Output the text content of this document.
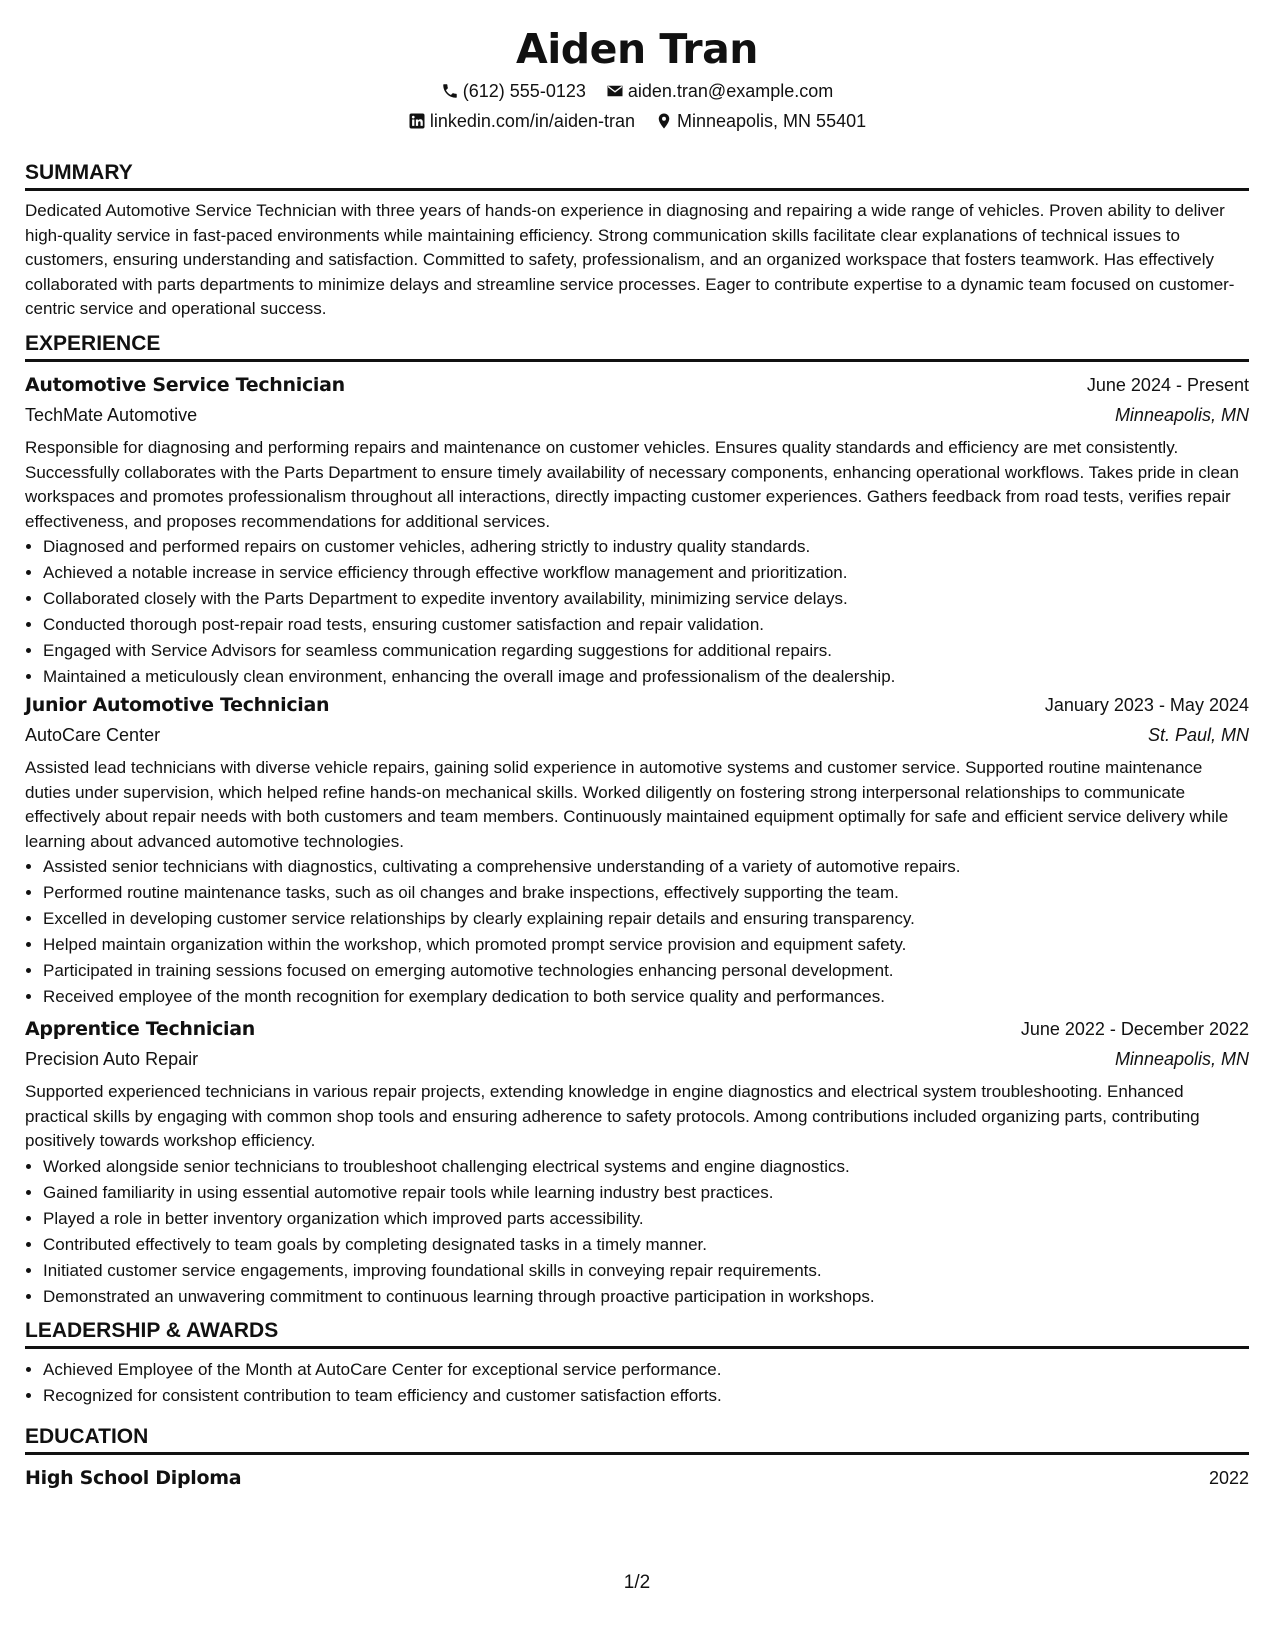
Aiden Tran
(612) 555-0123 aiden.tran@example.com
linkedin.com/in/aiden-tran Minneapolis, MN 55401
SUMMARY

Dedicated Automotive Service Technician with three years of hands-on experience in diagnosing and repairing a wide range of vehicles. Proven ability to deliver high-quality service in fast-paced environments while maintaining efficiency. Strong communication skills facilitate clear explanations of technical issues to customers, ensuring understanding and satisfaction. Committed to safety, professionalism, and an organized workspace that fosters teamwork. Has effectively collaborated with parts departments to minimize delays and streamline service processes. Eager to contribute expertise to a dynamic team focused on customer-centric service and operational success.

EXPERIENCE
Automotive Service Technician	June 2024 - Present
TechMate Automotive	Minneapolis, MN

Responsible for diagnosing and performing repairs and maintenance on customer vehicles. Ensures quality standards and efficiency are met consistently. Successfully collaborates with the Parts Department to ensure timely availability of necessary components, enhancing operational workflows. Takes pride in clean workspaces and promotes professionalism throughout all interactions, directly impacting customer experiences. Gathers feedback from road tests, verifies repair effectiveness, and proposes recommendations for additional services.

• Diagnosed and performed repairs on customer vehicles, adhering strictly to industry quality standards.
• Achieved a notable increase in service efficiency through effective workflow management and prioritization.
• Collaborated closely with the Parts Department to expedite inventory availability, minimizing service delays.
• Conducted thorough post-repair road tests, ensuring customer satisfaction and repair validation.
• Engaged with Service Advisors for seamless communication regarding suggestions for additional repairs.
• Maintained a meticulously clean environment, enhancing the overall image and professionalism of the dealership.
Junior Automotive Technician	January 2023 - May 2024
AutoCare Center	St. Paul, MN

Assisted lead technicians with diverse vehicle repairs, gaining solid experience in automotive systems and customer service. Supported routine maintenance duties under supervision, which helped refine hands-on mechanical skills. Worked diligently on fostering strong interpersonal relationships to communicate effectively about repair needs with both customers and team members. Continuously maintained equipment optimally for safe and efficient service delivery while learning about advanced automotive technologies.

• Assisted senior technicians with diagnostics, cultivating a comprehensive understanding of a variety of automotive repairs.
• Performed routine maintenance tasks, such as oil changes and brake inspections, effectively supporting the team.
• Excelled in developing customer service relationships by clearly explaining repair details and ensuring transparency.
• Helped maintain organization within the workshop, which promoted prompt service provision and equipment safety.
• Participated in training sessions focused on emerging automotive technologies enhancing personal development.
• Received employee of the month recognition for exemplary dedication to both service quality and performances.
Apprentice Technician	June 2022 - December 2022
Precision Auto Repair	Minneapolis, MN

Supported experienced technicians in various repair projects, extending knowledge in engine diagnostics and electrical system troubleshooting. Enhanced practical skills by engaging with common shop tools and ensuring adherence to safety protocols. Among contributions included organizing parts, contributing positively towards workshop efficiency.

• Worked alongside senior technicians to troubleshoot challenging electrical systems and engine diagnostics.
• Gained familiarity in using essential automotive repair tools while learning industry best practices.
• Played a role in better inventory organization which improved parts accessibility.
• Contributed effectively to team goals by completing designated tasks in a timely manner.
• Initiated customer service engagements, improving foundational skills in conveying repair requirements.
• Demonstrated an unwavering commitment to continuous learning through proactive participation in workshops.
LEADERSHIP & AWARDS
• Achieved Employee of the Month at AutoCare Center for exceptional service performance.
• Recognized for consistent contribution to team efficiency and customer satisfaction efforts.
EDUCATION
High School Diploma	2022
1/2
